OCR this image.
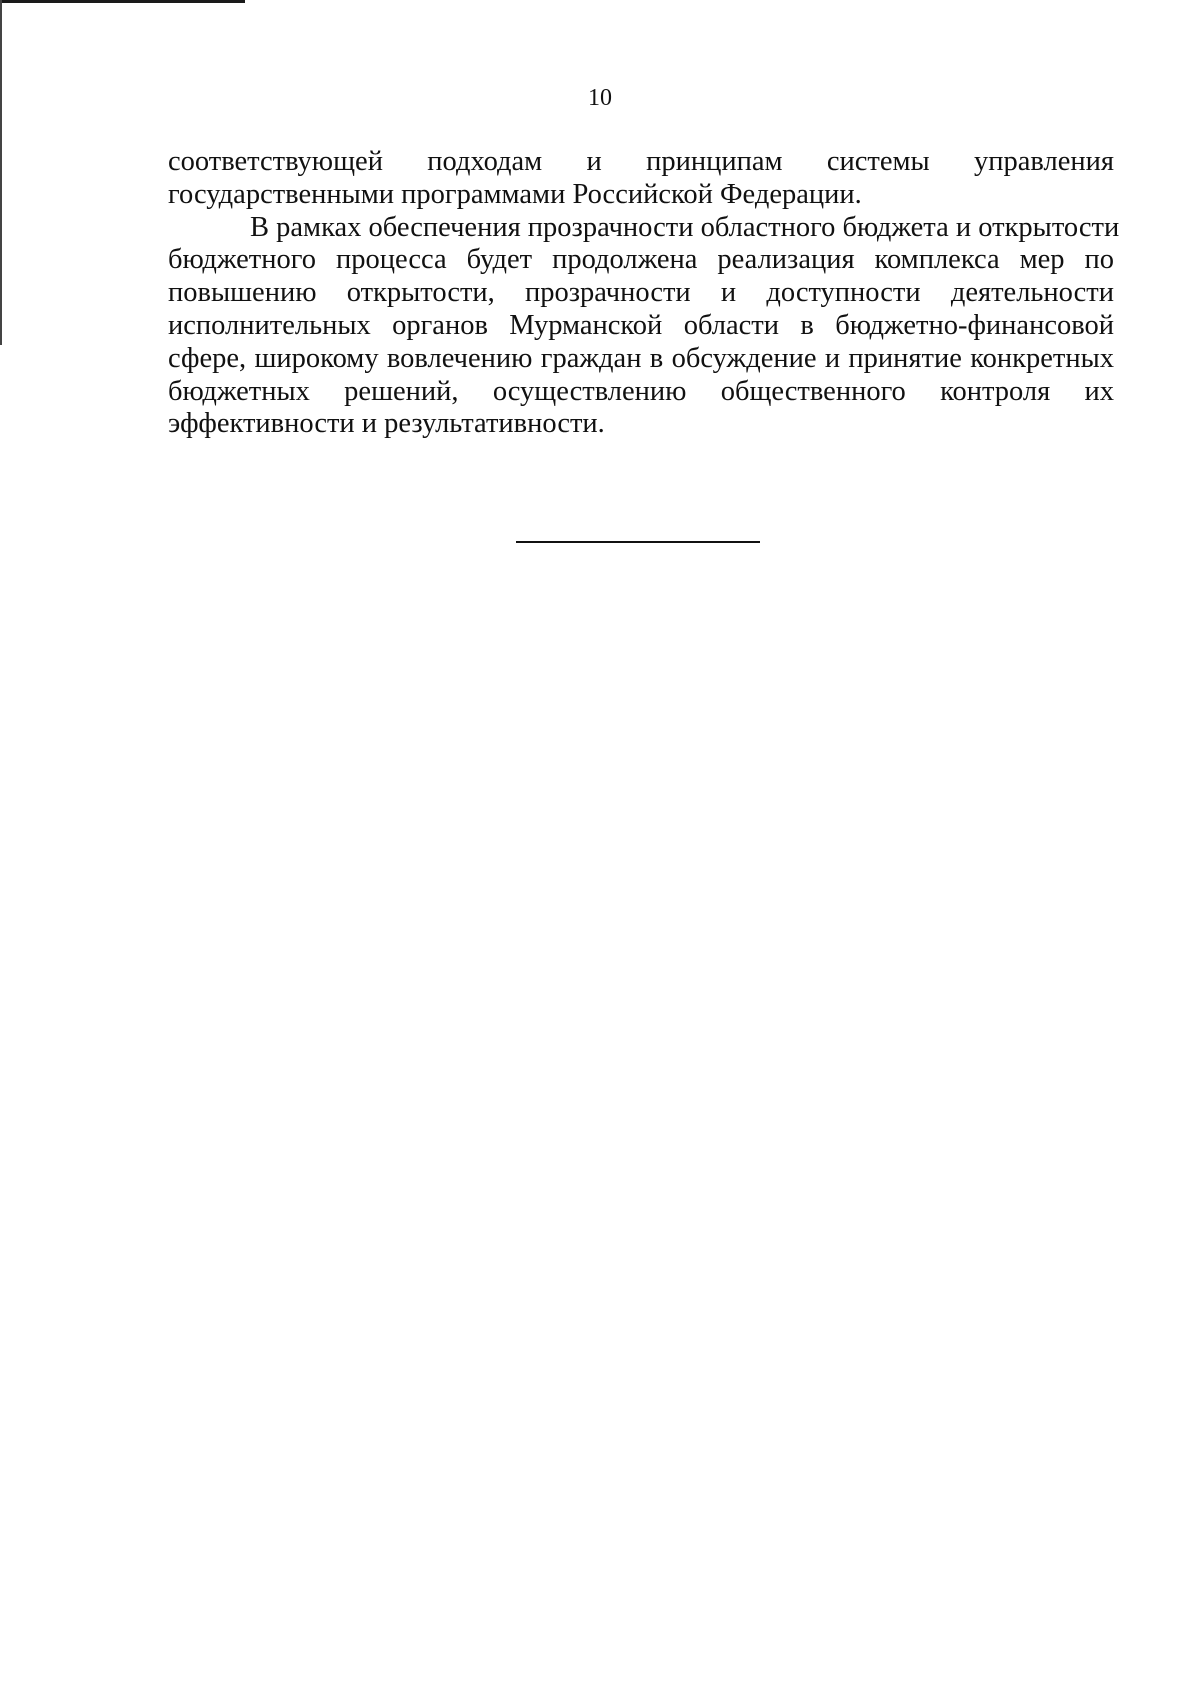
10

соответствующей подходам и принципам системы управления
государственными программами Российской Федерации.

В рамках обеспечения прозрачности областного бюджета и открытости
бюджетного процесса будет продолжена реализация комплекса мер по
повышению открытости, прозрачности и доступности деятельности
исполнительных органов Мурманской области в бюджетно-финансовой
сфере, широкому вовлечению граждан в обсуждение и принятие конкретных
бюджетных решений, осуществлению общественного контроля их
эффективности и результативности.
